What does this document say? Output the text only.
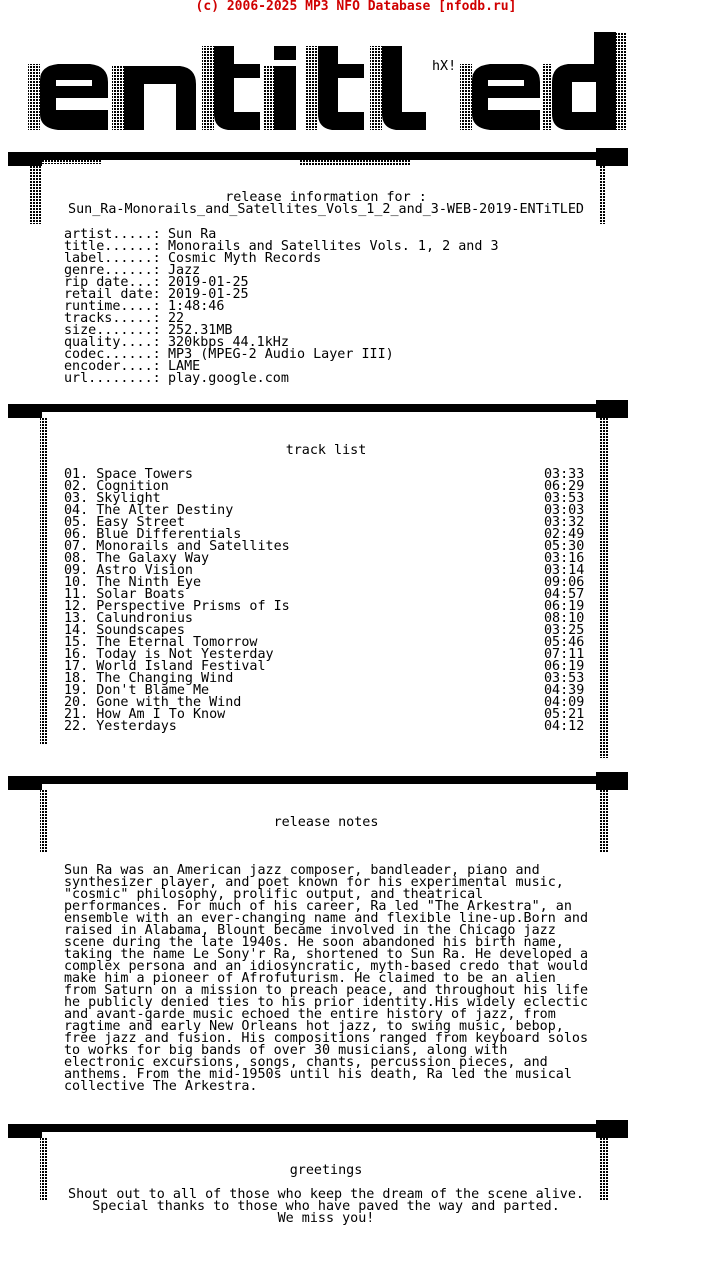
(c) 2006-2025 MP3 NFO Database [nfodb.ru]
hX!
release information for :
Sun_Ra-Monorails_and_Satellites_Vols_1_2_and_3-WEB-2019-ENTiTLED
artist.....: Sun Ra
title......: Monorails and Satellites Vols. 1, 2 and 3
label......: Cosmic Myth Records
genre......: Jazz
rip date...: 2019-01-25
retail date: 2019-01-25
runtime....: 1:48:46
tracks.....: 22
size.......: 252.31MB
quality....: 320kbps 44.1kHz
codec......: MP3 (MPEG-2 Audio Layer III)
encoder....: LAME
url........: play.google.com
track list
01. Space Towers	03:33
02. Cognition	06:29
03. Skylight	03:53
04. The Alter Destiny	03:03
05. Easy Street	03:32
06. Blue Differentials	02:49
07. Monorails and Satellites	05:30
08. The Galaxy Way	03:16
09. Astro Vision	03:14
10. The Ninth Eye	09:06
11. Solar Boats	04:57
12. Perspective Prisms of Is	06:19
13. Calundronius	08:10
14. Soundscapes	03:25
15. The Eternal Tomorrow	05:46
16. Today is Not Yesterday	07:11
17. World Island Festival	06:19
18. The Changing Wind	03:53
19. Don't Blame Me	04:39
20. Gone with the Wind	04:09
21. How Am I To Know	05:21
22. Yesterdays	04:12
release notes
Sun Ra was an American jazz composer, bandleader, piano and
synthesizer player, and poet known for his experimental music,
"cosmic" philosophy, prolific output, and theatrical
performances. For much of his career, Ra led "The Arkestra", an
ensemble with an ever-changing name and flexible line-up.Born and
raised in Alabama, Blount became involved in the Chicago jazz
scene during the late 1940s. He soon abandoned his birth name,
taking the name Le Sony'r Ra, shortened to Sun Ra. He developed a
complex persona and an idiosyncratic, myth-based credo that would
make him a pioneer of Afrofuturism. He claimed to be an alien
from Saturn on a mission to preach peace, and throughout his life
he publicly denied ties to his prior identity.His widely eclectic
and avant-garde music echoed the entire history of jazz, from
ragtime and early New Orleans hot jazz, to swing music, bebop,
free jazz and fusion. His compositions ranged from keyboard solos
to works for big bands of over 30 musicians, along with
electronic excursions, songs, chants, percussion pieces, and
anthems. From the mid-1950s until his death, Ra led the musical
collective The Arkestra.
greetings
Shout out to all of those who keep the dream of the scene alive.
Special thanks to those who have paved the way and parted.
We miss you!
